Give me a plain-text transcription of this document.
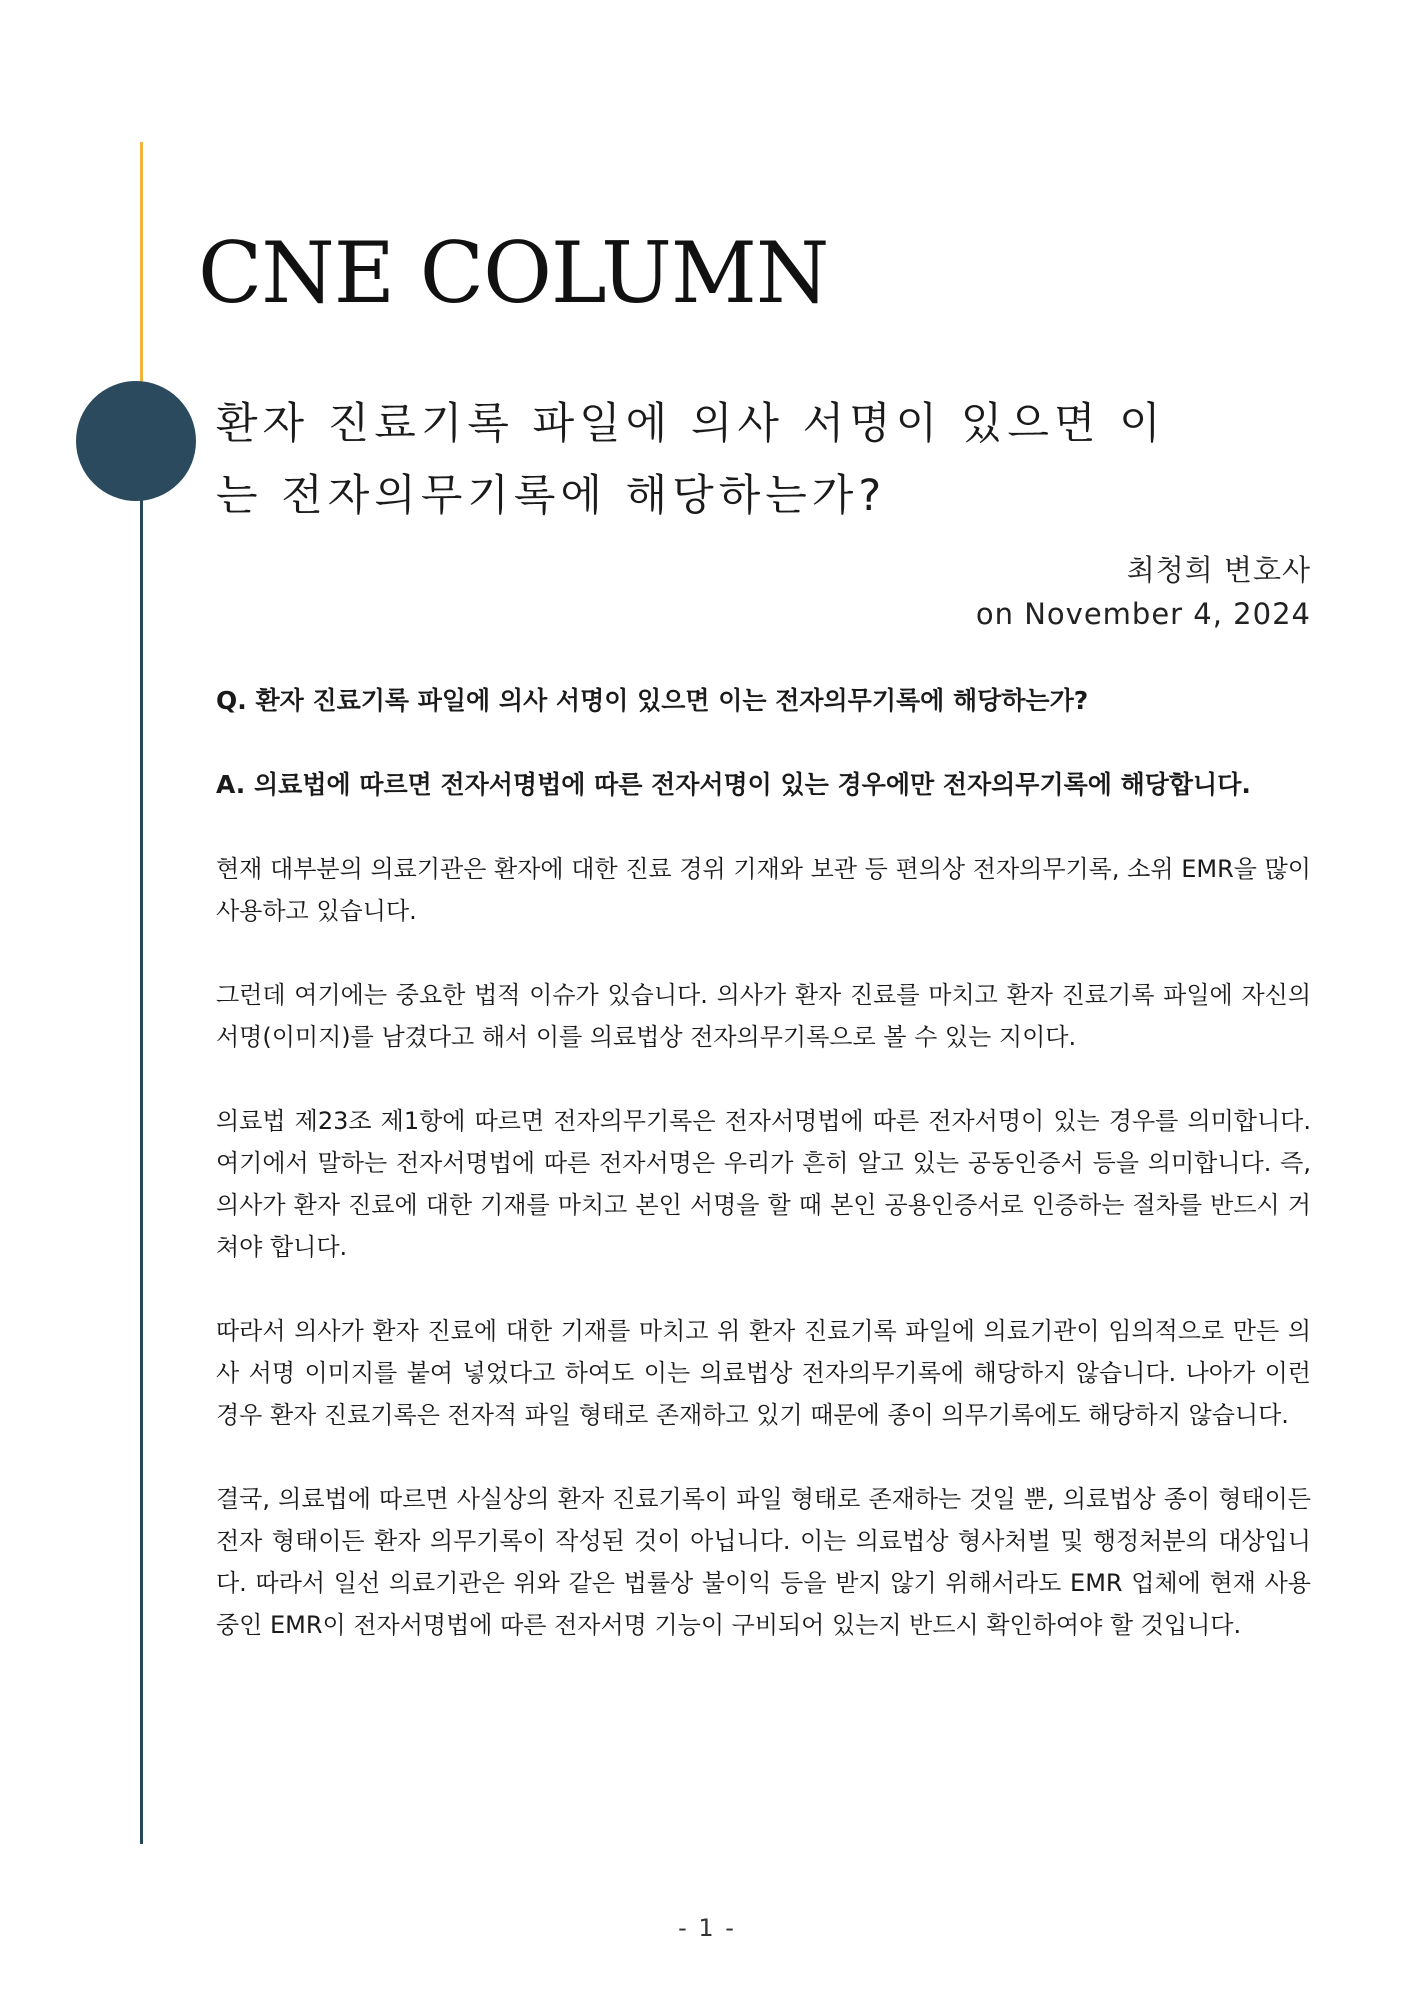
CNE COLUMN
환자 진료기록 파일에 의사 서명이 있으면 이
는 전자의무기록에 해당하는가?
최청희 변호사
on November 4, 2024

Q. 환자 진료기록 파일에 의사 서명이 있으면 이는 전자의무기록에 해당하는가?

A. 의료법에 따르면 전자서명법에 따른 전자서명이 있는 경우에만 전자의무기록에 해당합니다.

현재 대부분의 의료기관은 환자에 대한 진료 경위 기재와 보관 등 편의상 전자의무기록, 소위 EMR을 많이 사용하고 있습니다.

그런데 여기에는 중요한 법적 이슈가 있습니다. 의사가 환자 진료를 마치고 환자 진료기록 파일에 자신의 서명(이미지)를 남겼다고 해서 이를 의료법상 전자의무기록으로 볼 수 있는 지이다.

의료법 제23조 제1항에 따르면 전자의무기록은 전자서명법에 따른 전자서명이 있는 경우를 의미합니다. 여기에서 말하는 전자서명법에 따른 전자서명은 우리가 흔히 알고 있는 공동인증서 등을 의미합니다. 즉, 의사가 환자 진료에 대한 기재를 마치고 본인 서명을 할 때 본인 공용인증서로 인증하는 절차를 반드시 거쳐야 합니다.

따라서 의사가 환자 진료에 대한 기재를 마치고 위 환자 진료기록 파일에 의료기관이 임의적으로 만든 의사 서명 이미지를 붙여 넣었다고 하여도 이는 의료법상 전자의무기록에 해당하지 않습니다. 나아가 이런 경우 환자 진료기록은 전자적 파일 형태로 존재하고 있기 때문에 종이 의무기록에도 해당하지 않습니다.

결국, 의료법에 따르면 사실상의 환자 진료기록이 파일 형태로 존재하는 것일 뿐, 의료법상 종이 형태이든 전자 형태이든 환자 의무기록이 작성된 것이 아닙니다. 이는 의료법상 형사처벌 및 행정처분의 대상입니다. 따라서 일선 의료기관은 위와 같은 법률상 불이익 등을 받지 않기 위해서라도 EMR 업체에 현재 사용 중인 EMR이 전자서명법에 따른 전자서명 기능이 구비되어 있는지 반드시 확인하여야 할 것입니다.

- 1 -
